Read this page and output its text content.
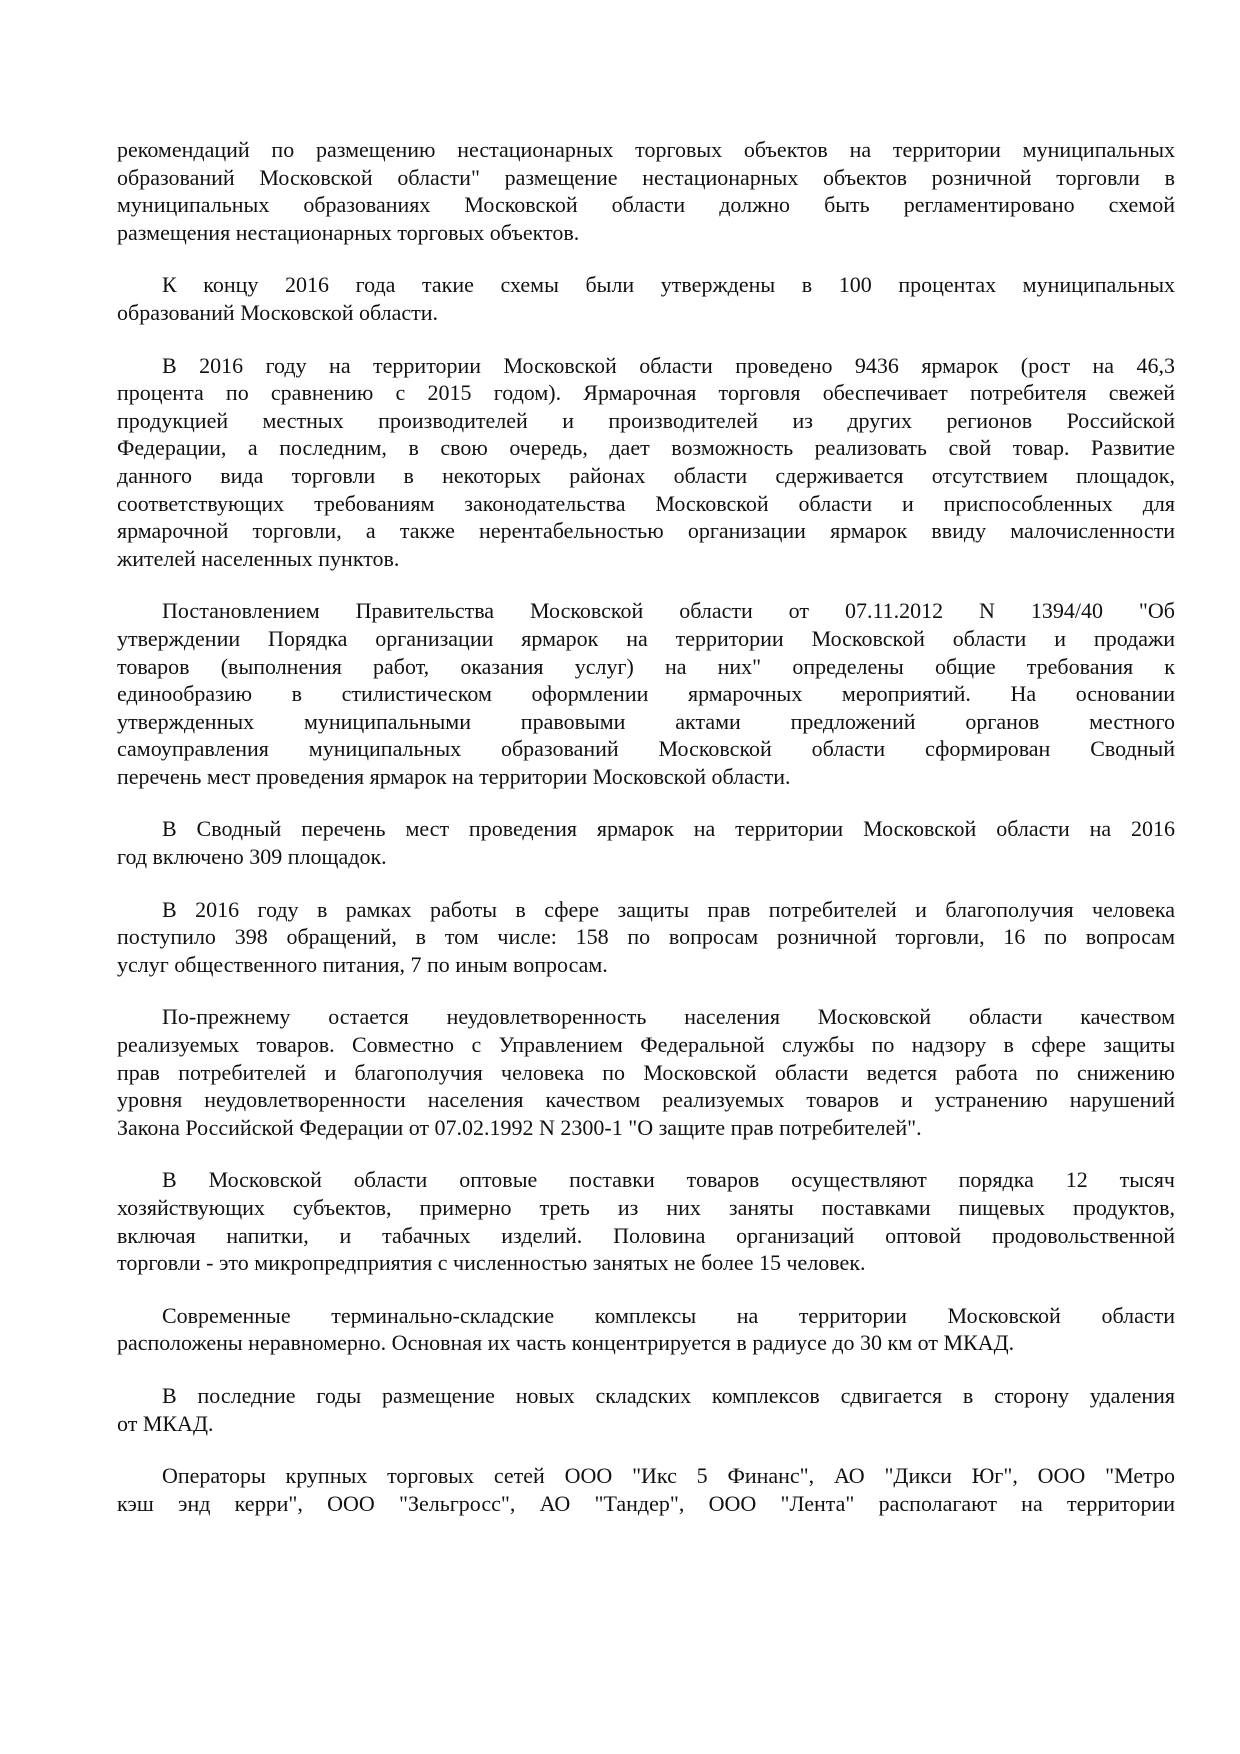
рекомендаций по размещению нестационарных торговых объектов на территории муниципальных
образований Московской области" размещение нестационарных объектов розничной торговли в
муниципальных образованиях Московской области должно быть регламентировано схемой
размещения нестационарных торговых объектов.
К концу 2016 года такие схемы были утверждены в 100 процентах муниципальных
образований Московской области.
В 2016 году на территории Московской области проведено 9436 ярмарок (рост на 46,3
процента по сравнению с 2015 годом). Ярмарочная торговля обеспечивает потребителя свежей
продукцией местных производителей и производителей из других регионов Российской
Федерации, а последним, в свою очередь, дает возможность реализовать свой товар. Развитие
данного вида торговли в некоторых районах области сдерживается отсутствием площадок,
соответствующих требованиям законодательства Московской области и приспособленных для
ярмарочной торговли, а также нерентабельностью организации ярмарок ввиду малочисленности
жителей населенных пунктов.
Постановлением Правительства Московской области от 07.11.2012 N 1394/40 "Об
утверждении Порядка организации ярмарок на территории Московской области и продажи
товаров (выполнения работ, оказания услуг) на них" определены общие требования к
единообразию в стилистическом оформлении ярмарочных мероприятий. На основании
утвержденных муниципальными правовыми актами предложений органов местного
самоуправления муниципальных образований Московской области сформирован Сводный
перечень мест проведения ярмарок на территории Московской области.
В Сводный перечень мест проведения ярмарок на территории Московской области на 2016
год включено 309 площадок.
В 2016 году в рамках работы в сфере защиты прав потребителей и благополучия человека
поступило 398 обращений, в том числе: 158 по вопросам розничной торговли, 16 по вопросам
услуг общественного питания, 7 по иным вопросам.
По-прежнему остается неудовлетворенность населения Московской области качеством
реализуемых товаров. Совместно с Управлением Федеральной службы по надзору в сфере защиты
прав потребителей и благополучия человека по Московской области ведется работа по снижению
уровня неудовлетворенности населения качеством реализуемых товаров и устранению нарушений
Закона Российской Федерации от 07.02.1992 N 2300-1 "О защите прав потребителей".
В Московской области оптовые поставки товаров осуществляют порядка 12 тысяч
хозяйствующих субъектов, примерно треть из них заняты поставками пищевых продуктов,
включая напитки, и табачных изделий. Половина организаций оптовой продовольственной
торговли - это микропредприятия с численностью занятых не более 15 человек.
Современные терминально-складские комплексы на территории Московской области
расположены неравномерно. Основная их часть концентрируется в радиусе до 30 км от МКАД.
В последние годы размещение новых складских комплексов сдвигается в сторону удаления
от МКАД.
Операторы крупных торговых сетей ООО "Икс 5 Финанс", АО "Дикси Юг", ООО "Метро
кэш энд керри", ООО "Зельгросс", АО "Тандер", ООО "Лента" располагают на территории
